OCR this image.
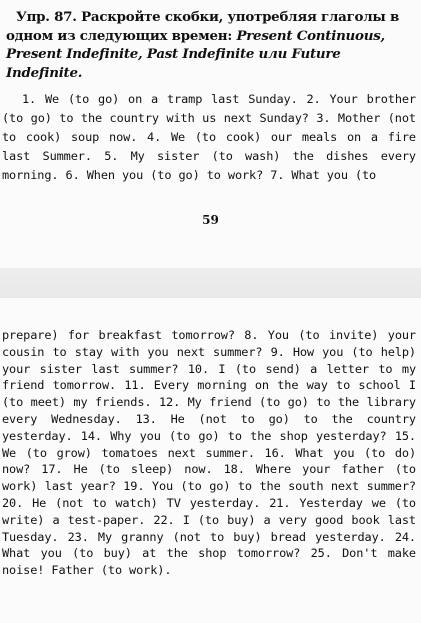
Упр. 87. Раскройте скобки, употребляя глаголы в одном из следующих времен: Present Continuous, Present Indefinite, Past Indefinite или Future Indefinite.

1. We (to go) on a tramp last Sunday. 2. Your brother (to go) to the country with us next Sunday? 3. Mother (not to cook) soup now. 4. We (to cook) our meals on a fire last Summer. 5. My sister (to wash) the dishes every morning. 6. When you (to go) to work? 7. What you (to

59

prepare) for breakfast tomorrow? 8. You (to invite) your cousin to stay with you next summer? 9. How you (to help) your sister last summer? 10. I (to send) a letter to my friend tomorrow. 11. Every morning on the way to school I (to meet) my friends. 12. My friend (to go) to the library every Wednesday. 13. He (not to go) to the country yesterday. 14. Why you (to go) to the shop yesterday? 15. We (to grow) tomatoes next summer. 16. What you (to do) now? 17. He (to sleep) now. 18. Where your father (to work) last year? 19. You (to go) to the south next summer? 20. He (not to watch) TV yesterday. 21. Yesterday we (to write) a test-paper. 22. I (to buy) a very good book last Tuesday. 23. My granny (not to buy) bread yesterday. 24. What you (to buy) at the shop tomorrow? 25. Don't make noise! Father (to work).
